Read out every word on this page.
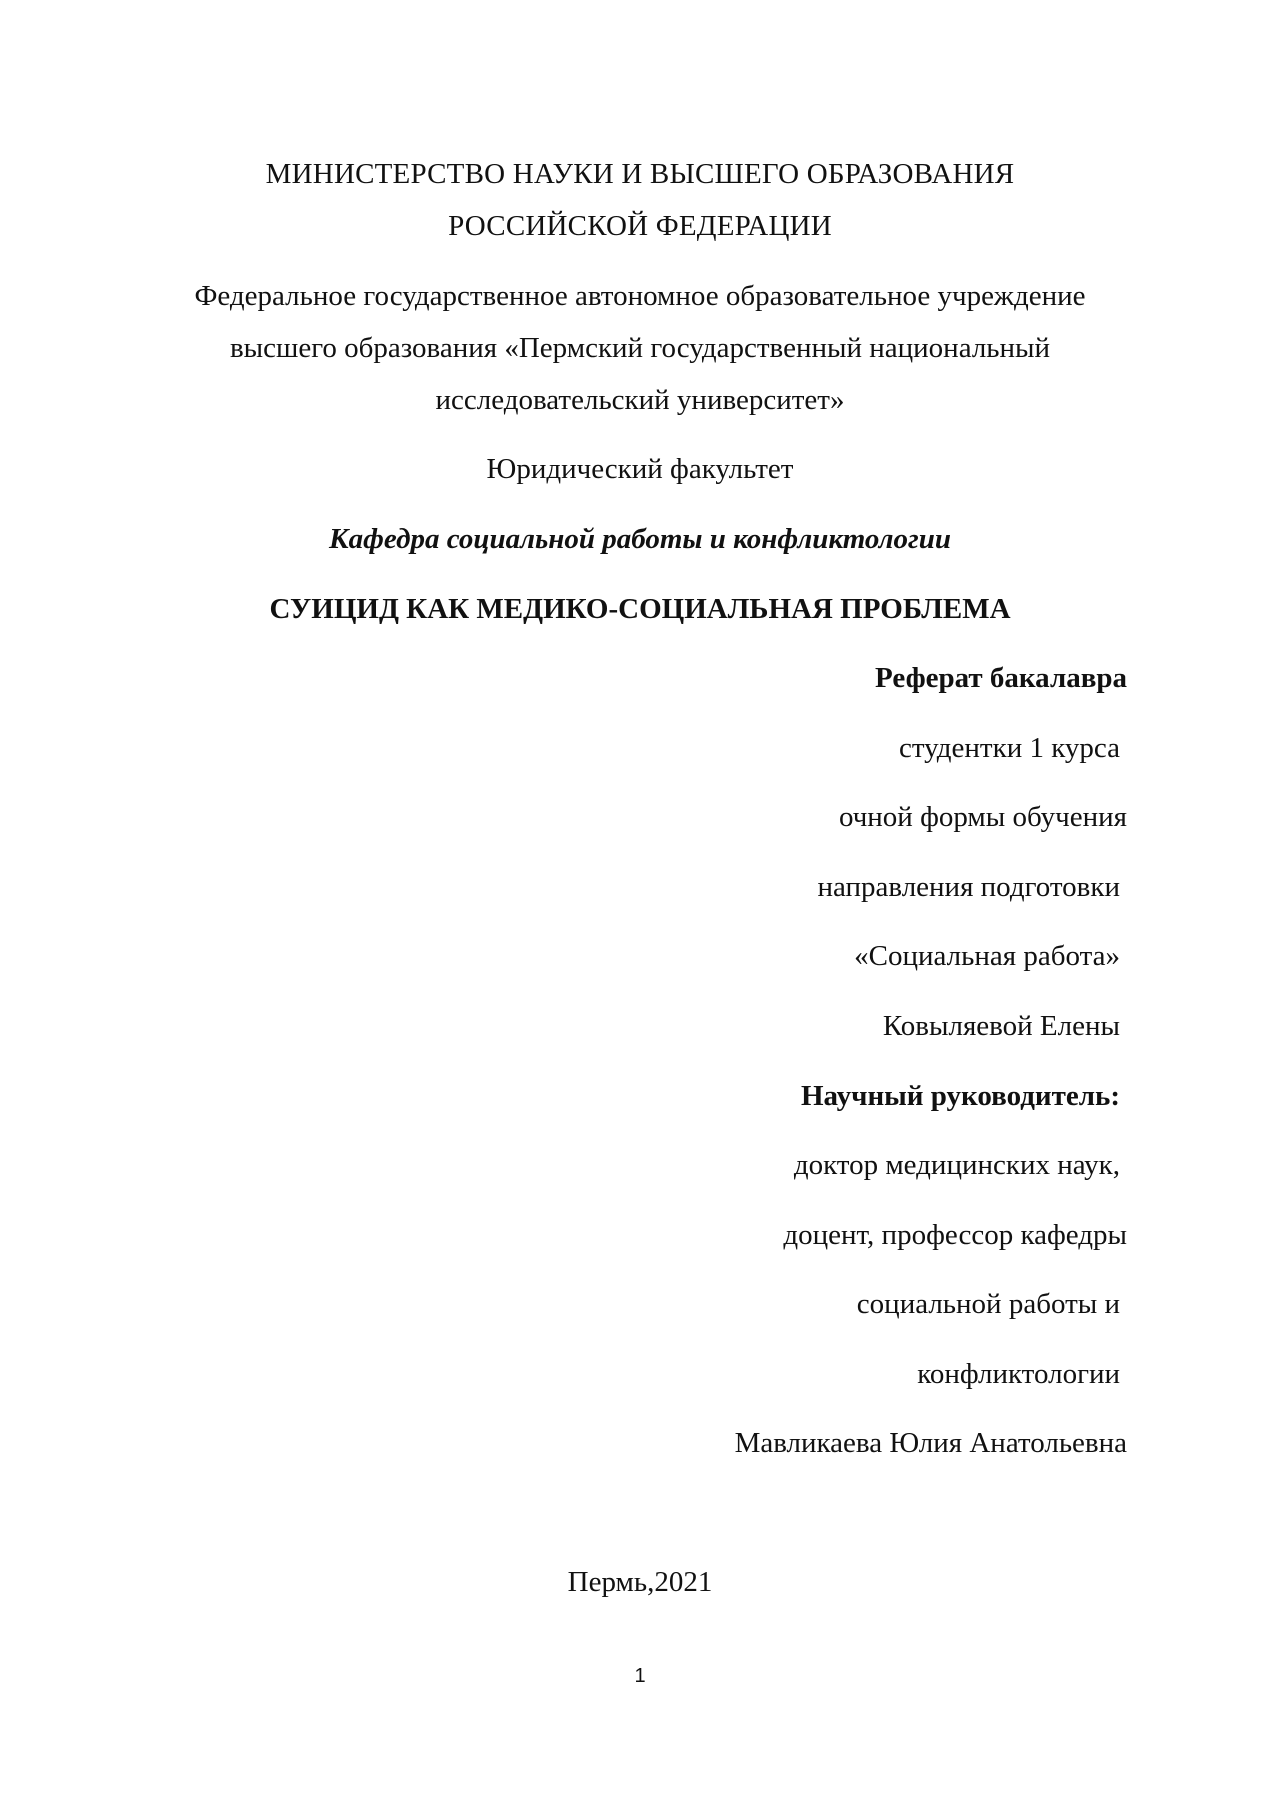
МИНИСТЕРСТВО НАУКИ И ВЫСШЕГО ОБРАЗОВАНИЯ
РОССИЙСКОЙ ФЕДЕРАЦИИ
Федеральное государственное автономное образовательное учреждение
высшего образования «Пермский государственный национальный
исследовательский университет»
Юридический факультет
Кафедра социальной работы и конфликтологии
СУИЦИД КАК МЕДИКО-СОЦИАЛЬНАЯ ПРОБЛЕМА
Реферат бакалавра
студентки 1 курса
очной формы обучения
направления подготовки
«Социальная работа»
Ковыляевой Елены
Научный руководитель:
доктор медицинских наук,
доцент, профессор кафедры
социальной работы и
конфликтологии
Мавликаева Юлия Анатольевна
Пермь,2021
1
